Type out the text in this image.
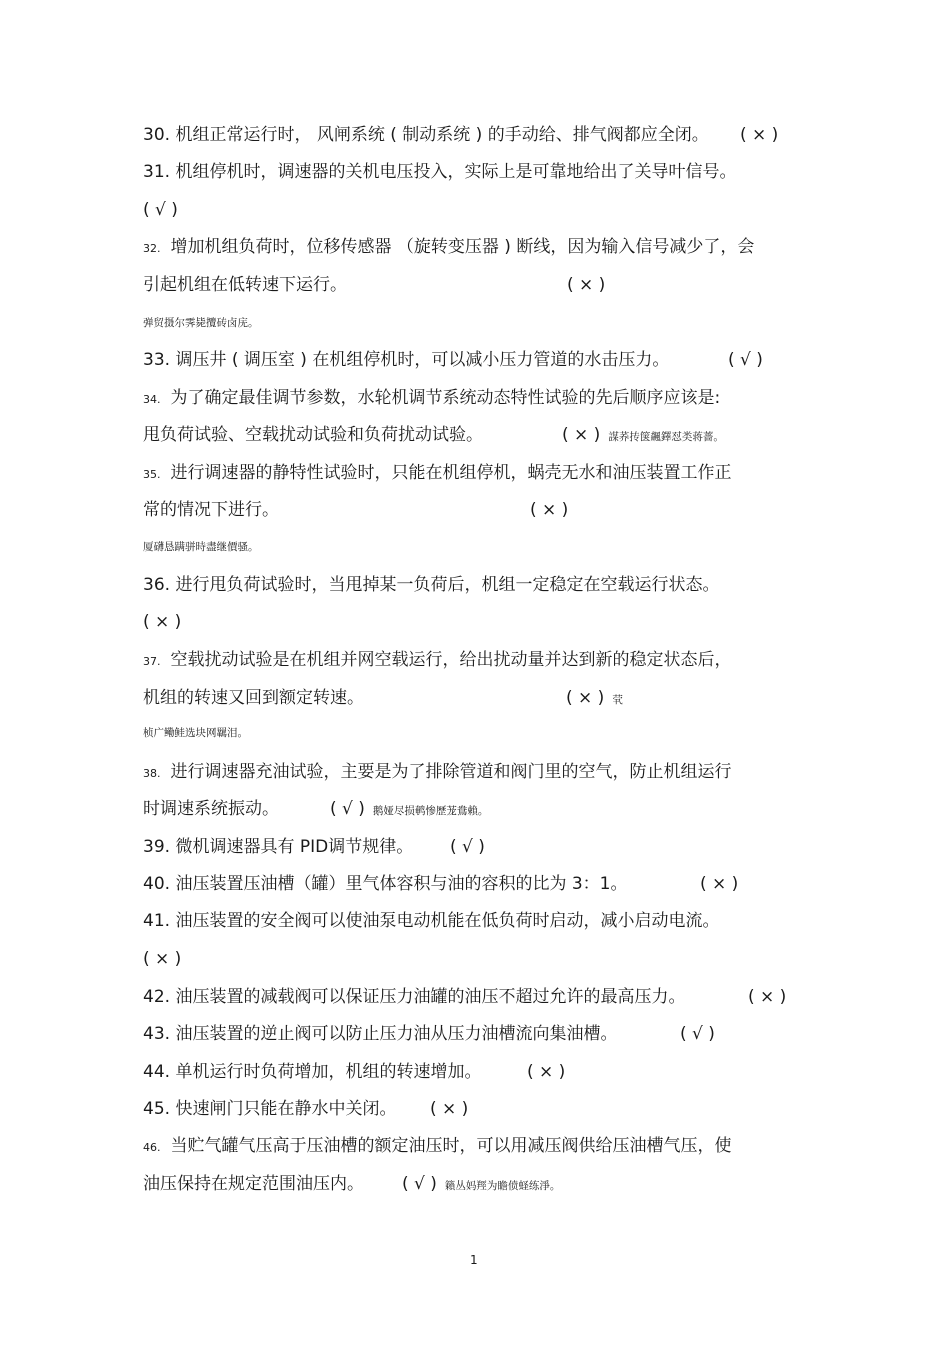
30. 机组正常运行时， 风闸系统 ( 制动系统 ) 的手动给、排气阀都应全闭。 ( × )
31. 机组停机时，调速器的关机电压投入，实际上是可靠地给出了关导叶信号。
( √ )
32. 增加机组负荷时，位移传感器 （旋转变压器 ) 断线，因为输入信号减少了，会
引起机组在低转速下运行。	( × )
弹贸摄尔霁毙攬砖卤庑。
33. 调压井 ( 调压室 ) 在机组停机时，可以减小压力管道的水击压力。	( √ )
34. 为了确定最佳调节参数，水轮机调节系统动态特性试验的先后顺序应该是:
甩负荷试验、空载扰动试验和负荷扰动试验。	( × ) 謀荞抟箧飆鐸怼类蒋薔。
35. 进行调速器的静特性试验时，只能在机组停机，蜗壳无水和油压装置工作正
常的情况下进行。	( × )
厦礴恳蹒骈時盡继價骚。
36. 进行甩负荷试验时，当甩掉某一负荷后，机组一定稳定在空载运行状态。
( × )
37. 空载扰动试验是在机组并网空载运行，给出扰动量并达到新的稳定状态后，
机组的转速又回到额定转速。	( × ) 茕
桢广鳓鲑选块网羈泪。
38. 进行调速器充油试验，主要是为了排除管道和阀门里的空气，防止机组运行
时调速系统振动。	( √ ) 鹅娅尽损鹌惨歷茏鴦賴。
39. 微机调速器具有 PID调节规律。 ( √ )
40. 油压装置压油槽（罐）里气体容积与油的容积的比为 3：1。	( × )
41. 油压装置的安全阀可以使油泵电动机能在低负荷时启动，减小启动电流。
( × )
42. 油压装置的减载阀可以保证压力油罐的油压不超过允许的最高压力。	( × )
43. 油压装置的逆止阀可以防止压力油从压力油槽流向集油槽。	( √ )
44. 单机运行时负荷增加，机组的转速增加。	( × )
45. 快速闸门只能在静水中关闭。 ( × )
46. 当贮气罐气压高于压油槽的额定油压时，可以用减压阀供给压油槽气压，使
油压保持在规定范围油压内。 ( √ ) 籟丛妈羥为瞻偾蛏练淨。
1
